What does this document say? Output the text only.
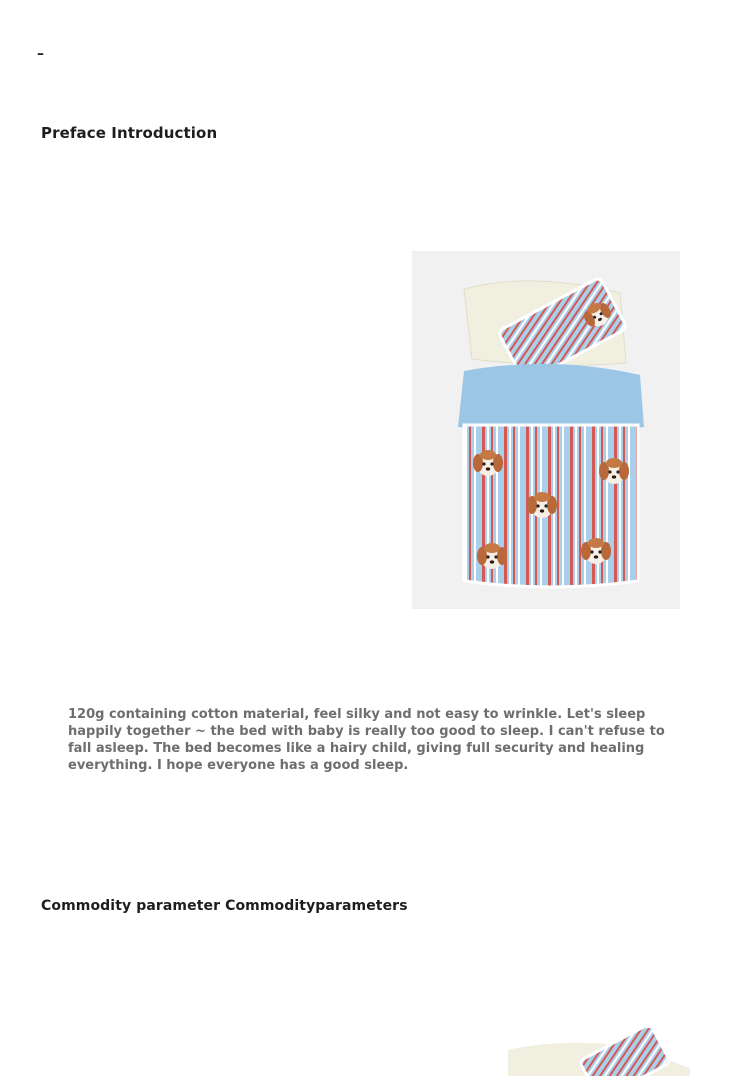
–
Preface Introduction
120g containing cotton material, feel silky and not easy to wrinkle. Let's sleep happily together ~ the bed with baby is really too good to sleep. I can't refuse to fall asleep. The bed becomes like a hairy child, giving full security and healing everything. I hope everyone has a good sleep.
Commodity parameter Commodityparameters
